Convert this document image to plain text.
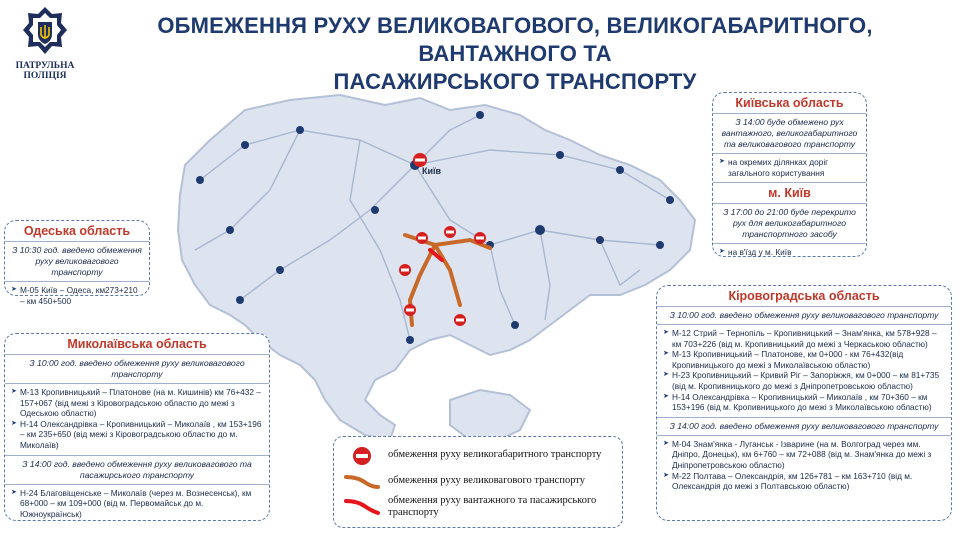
ПАТРУЛЬНА
ПОЛІЦІЯ
ОБМЕЖЕННЯ РУХУ ВЕЛИКОВАГОВОГО, ВЕЛИКОГАБАРИТНОГО, ВАНТАЖНОГО ТА
ПАСАЖИРСЬКОГО ТРАНСПОРТУ
Київ
Київська область
З 14:00 буде обмежено рух вантажного, великогабаритного та великовагового транспорту
➤ на окремих ділянках доріг загального користування
м. Київ
З 17:00 до 21:00 буде перекрито рух для великогабаритного транспортного засобу
➤ на в'їзд у м. Київ
Одеська область
З 10:30 год. введено обмеження руху великовагового транспорту
➤ М-05 Київ – Одеса, км273+210 – км 450+500
Миколаївська область
З 10:00 год. введено обмеження руху великовагового транспорту
➤ М-13 Кропивницький – Платонове (на м. Кишинів) км 76+432 – 157+067 (від межі з Кіровоградською областю до межі з Одеською областю)
➤ Н-14 Олександрівка – Кропивницький – Миколаїв , км 153+196 – км 235+650 (від межі з Кіровоградською областю до м. Миколаїв)
З 14:00 год. введено обмеження руху великовагового та пасажирського транспорту
➤ Н-24 Благовіщенське – Миколаїв (через м. Вознесенськ), км 68+000 – км 109+000 (від м. Первомайськ до м. Южноукраїнськ)
Кіровоградська область
З 10:00 год. введено обмеження руху великовагового транспорту
➤ М-12 Стрий – Тернопіль – Кропивницький – Знам'янка, км 578+928 – км 703+226 (від м. Кропивницький до межі з Черкаською областю)
➤ М-13 Кропивницький – Платонове, км 0+000 - км 76+432(від Кропивницького до межі з Миколаївською областю)
➤ Н-23 Кропивницький – Кривий Ріг – Запоріжжя, км 0+000 – км 81+735 (від м. Кропивницького до межі з Дніпропетровською областю)
➤ Н-14 Олександрівка – Кропивницький – Миколаїв , км 70+360 – км 153+196 (від м. Кропивницького до межі з Миколаївською областю)
З 14:00 год. введено обмеження руху великовагового транспорту
➤ М-04 Знам'янка - Луганськ - Ізварине (на м. Волгоград через мм. Дніпро, Донецьк), км 6+760 – км 72+088 (від м. Знам'янка до межі з Дніпропетровською областю)
➤ М-22 Полтава – Олександрія, км 126+781 – км 163+710 (від м. Олександрія до межі з Полтавською областю)
обмеження руху великогабаритного транспорту
обмеження руху великовагового транспорту
обмеження руху вантажного та пасажирського транспорту
